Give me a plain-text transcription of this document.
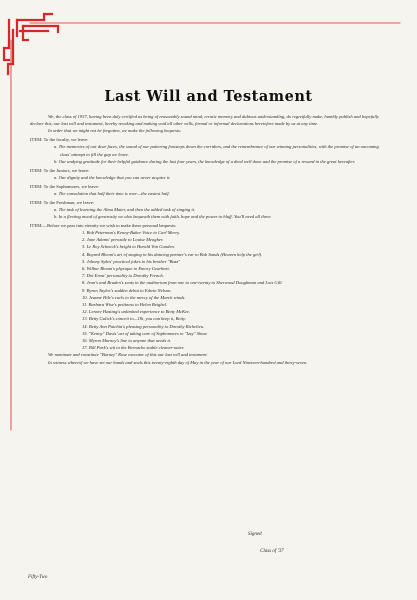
Last Will and Testament
We, the class of 1937, having been duly certified as being of reasonably sound mind, erratic memory and dubious understanding, do regretfully make, humbly publish and hopefully declare this, our last will and testament, hereby revoking and making void all other wills, formal or informal declarations heretofore made by us at any time.
In order that we might not be forgotten, we make the following bequests:
ITEM: To the faculty, we leave:
a. The memories of our dear faces, the sound of our pattering footsteps down the corridors, and the remembrance of our winning personalities, with the promise of an oncoming class' attempt to fill the gap we leave.
b. Our undying gratitude for their helpful guidance during the last four years, the knowledge of a deed well done and the promise of a reward in the great hereafter.
ITEM: To the Juniors, we leave:
a. Our dignity and the knowledge that you can never acquire it.
ITEM: To the Sophomores, we leave:
a. The consolation that half their time is over—the easiest half.
ITEM: To the Freshman, we leave:
a. The task of learning the Alma Mater, and then the added task of singing it.
b. In a fleeting mood of generosity we also bequeath them with faith, hope and the power to bluff. You'll need all three.
ITEM:—Before we pass into eternity we wish to make these personal bequests:
1. Bob Peterman's Kenny-Baker Voice to Carl Merry.
2. Jane Adams' peroxide to Louise Meagher.
3. Le Roy Schneck's height to Harold Von Gunden.
4. Bayard Bloom's art of singing in his dancing partner's ear to Bob Sands (Heaven help the girl).
5. Johnny Sykes' practical jokes to his brother "Buzz"
6. Wilbur Bloom's physique to Emory Gearhart.
7. Dot Ernst' personality to Dorothy French.
8. Jean's and Braden's seats in the auditorium from one to one-twenty to Sherwood Doughman and Lois Gill.
9. Byron Taylor's sudden debut to Edwin Nelson.
10. Jeanne Hile's curls to the mercy of the March winds.
11. Barbara Wise's pettiness to Helen Beighel.
12. Lenore Hasting's unlimited experience to Betty McKee.
13. Betty Gulick's conceit to—Oh, you can keep it, Betty.
14. Betty Ann Patchin's pleasing personality to Dorothy Richelieu.
15. "Kenny" Davis' art of taking care of Sophomores to "Izzy" Shaw.
16. Myron Marney's line to anyone that needs it.
17. Bill Park's wit to the Bernacko stable cleaner-outer.
We nominate and constitute "Barney" Rose executor of this our last will and testament.
In witness whereof we have set our hands and seals this twenty-eighth day of May in the year of our Lord Nineteen-hundred and thirty-seven.
Signed
Class of '37
Fifty-Two
